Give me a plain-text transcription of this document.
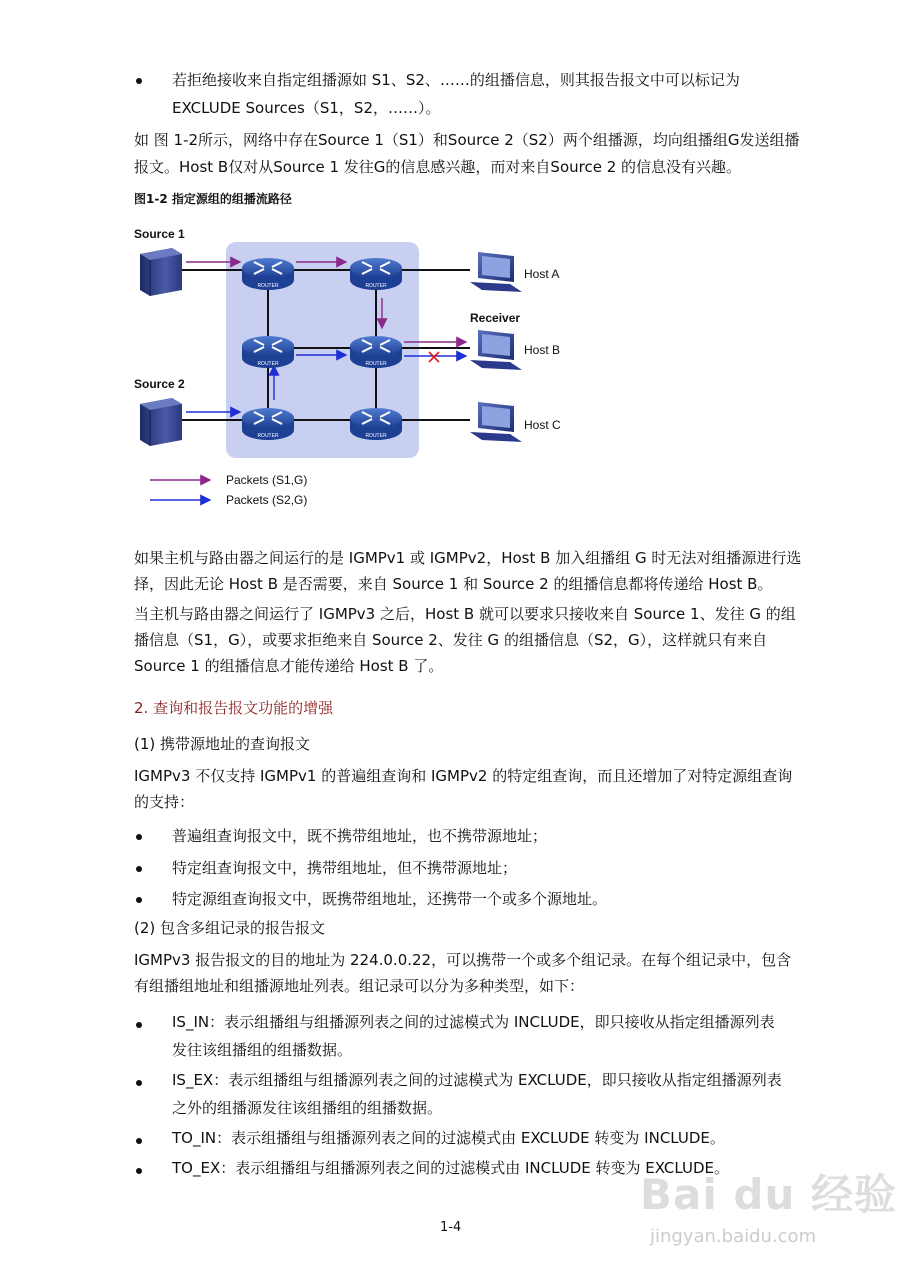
若拒绝接收来自指定组播源如 S1、S2、……的组播信息，则其报告报文中可以标记为
EXCLUDE Sources（S1，S2，……）。
如 图 1-2所示，网络中存在Source 1（S1）和Source 2（S2）两个组播源，均向组播组G发送组播
报文。Host B仅对从Source 1 发往G的信息感兴趣，而对来自Source 2 的信息没有兴趣。
图1-2 指定源组的组播流路径
ROUTER	ROUTER
ROUTER	ROUTER
ROUTER	ROUTER
Source 1
Source 2
Host A
Receiver
Host B
Host C
Packets (S1,G)
Packets (S2,G)
如果主机与路由器之间运行的是 IGMPv1 或 IGMPv2，Host B 加入组播组 G 时无法对组播源进行选
择，因此无论 Host B 是否需要，来自 Source 1 和 Source 2 的组播信息都将传递给 Host B。
当主机与路由器之间运行了 IGMPv3 之后，Host B 就可以要求只接收来自 Source 1、发往 G 的组
播信息（S1，G），或要求拒绝来自 Source 2、发往 G 的组播信息（S2，G），这样就只有来自
Source 1 的组播信息才能传递给 Host B 了。
2. 查询和报告报文功能的增强
(1) 携带源地址的查询报文
IGMPv3 不仅支持 IGMPv1 的普遍组查询和 IGMPv2 的特定组查询，而且还增加了对特定源组查询
的支持：
普遍组查询报文中，既不携带组地址，也不携带源地址；
特定组查询报文中，携带组地址，但不携带源地址；
特定源组查询报文中，既携带组地址，还携带一个或多个源地址。
(2) 包含多组记录的报告报文
IGMPv3 报告报文的目的地址为 224.0.0.22，可以携带一个或多个组记录。在每个组记录中，包含
有组播组地址和组播源地址列表。组记录可以分为多种类型，如下：
IS_IN：表示组播组与组播源列表之间的过滤模式为 INCLUDE，即只接收从指定组播源列表
发往该组播组的组播数据。
IS_EX：表示组播组与组播源列表之间的过滤模式为 EXCLUDE，即只接收从指定组播源列表
之外的组播源发往该组播组的组播数据。
TO_IN：表示组播组与组播源列表之间的过滤模式由 EXCLUDE 转变为 INCLUDE。
TO_EX：表示组播组与组播源列表之间的过滤模式由 INCLUDE 转变为 EXCLUDE。
1-4
Bai du 经验
jingyan.baidu.com
